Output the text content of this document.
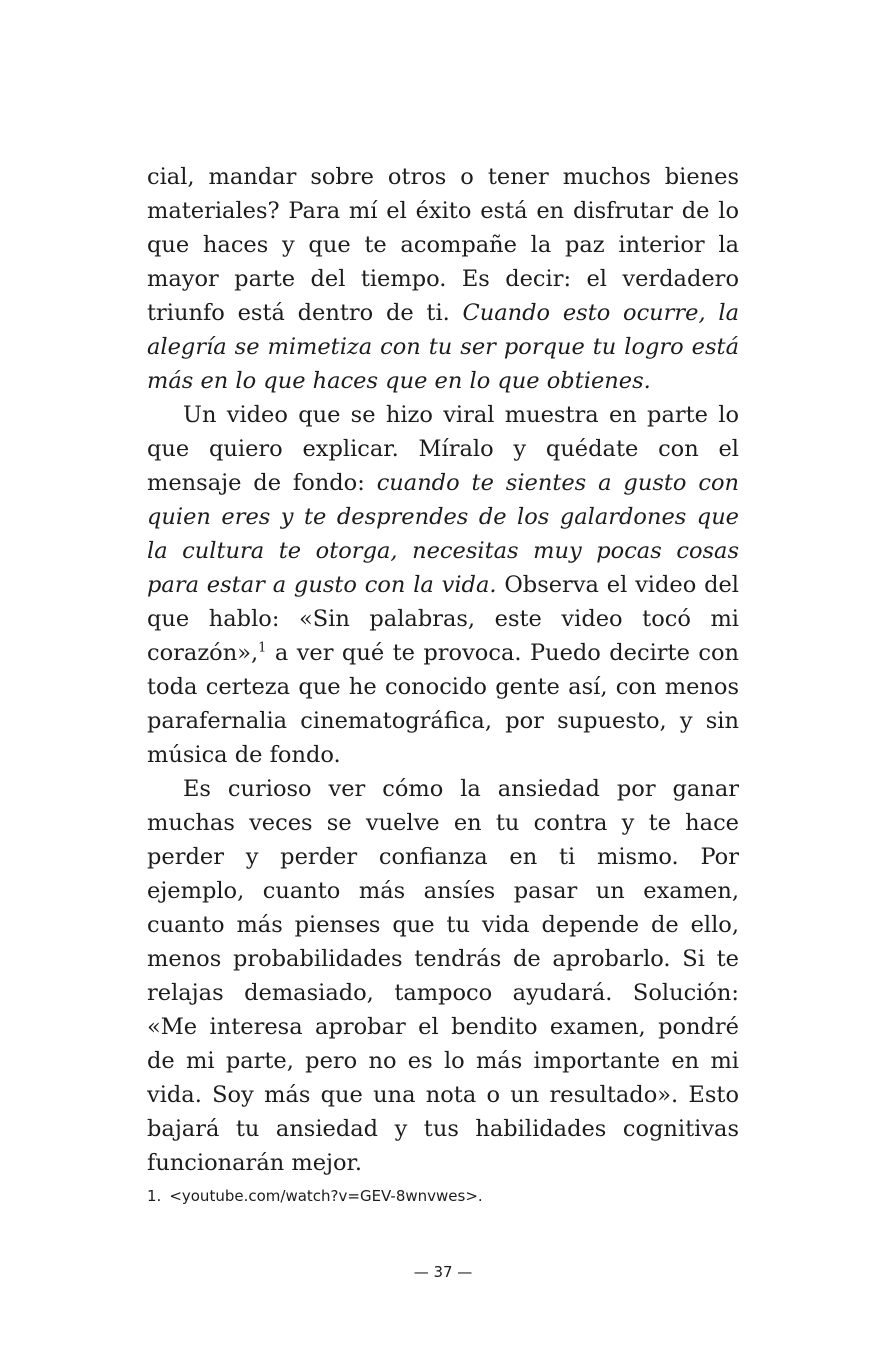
cial, mandar sobre otros o tener muchos bienes materiales? Para mí el éxito está en disfrutar de lo que haces y que te acompañe la paz interior la mayor parte del tiempo. Es decir: el verdadero triunfo está dentro de ti. Cuando esto ocurre, la alegría se mimetiza con tu ser porque tu logro está más en lo que haces que en lo que obtienes.

Un video que se hizo viral muestra en parte lo que quiero explicar. Míralo y quédate con el mensaje de fondo: cuando te sientes a gusto con quien eres y te desprendes de los galardones que la cultura te otorga, necesitas muy pocas cosas para estar a gusto con la vida. Observa el video del que hablo: «Sin palabras, este video tocó mi corazón»,$^1$ a ver qué te provoca. Puedo decirte con toda certeza que he conocido gente así, con menos parafernalia cinematográfica, por supuesto, y sin música de fondo.

Es curioso ver cómo la ansiedad por ganar muchas veces se vuelve en tu contra y te hace perder y perder confianza en ti mismo. Por ejemplo, cuanto más ansíes pasar un examen, cuanto más pienses que tu vida depende de ello, menos probabilidades tendrás de aprobarlo. Si te relajas demasiado, tampoco ayudará. Solución: «Me interesa aprobar el bendito examen, pondré de mi parte, pero no es lo más importante en mi vida. Soy más que una nota o un resultado». Esto bajará tu ansiedad y tus habilidades cognitivas funcionarán mejor.

1. <youtube.com/watch?v=GEV-8wnvwes>.
— 37 —
